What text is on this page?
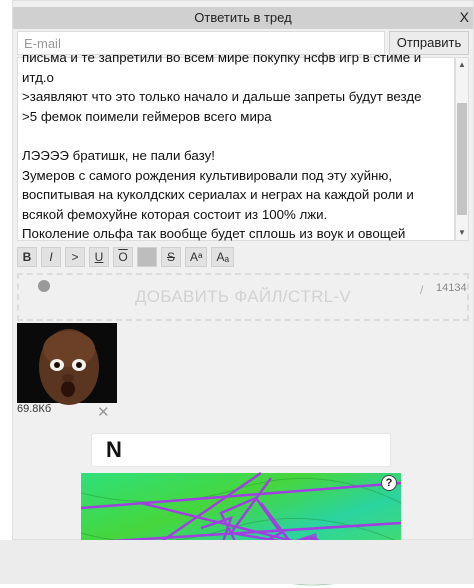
Ответить в тред	X
E-mail
Отправить

письма и те запретили во всем мире покупку нсфв игр в стиме и итд.о

>заявляют что это только начало и дальше запреты будут везде

>5 фемок поимели геймеров всего мира

ЛЭЭЭЭ братишк, не пали базу!

Зумеров с самого рождения культивировали под эту хуйню, воспитывая на куколдских сериалах и неграх на каждой роли и всякой фемохуйне которая состоит из 100% лжи.

Поколение ольфа так вообще будет сплошь из воук и овощей

/ 14134
▲
▼
B	I	>	U	$\overline{O}$
	S	Aᵃ	Aₐ
ДОБАВИТЬ ФАЙЛ/CTRL-V
69.8Кб	✕
N
?
